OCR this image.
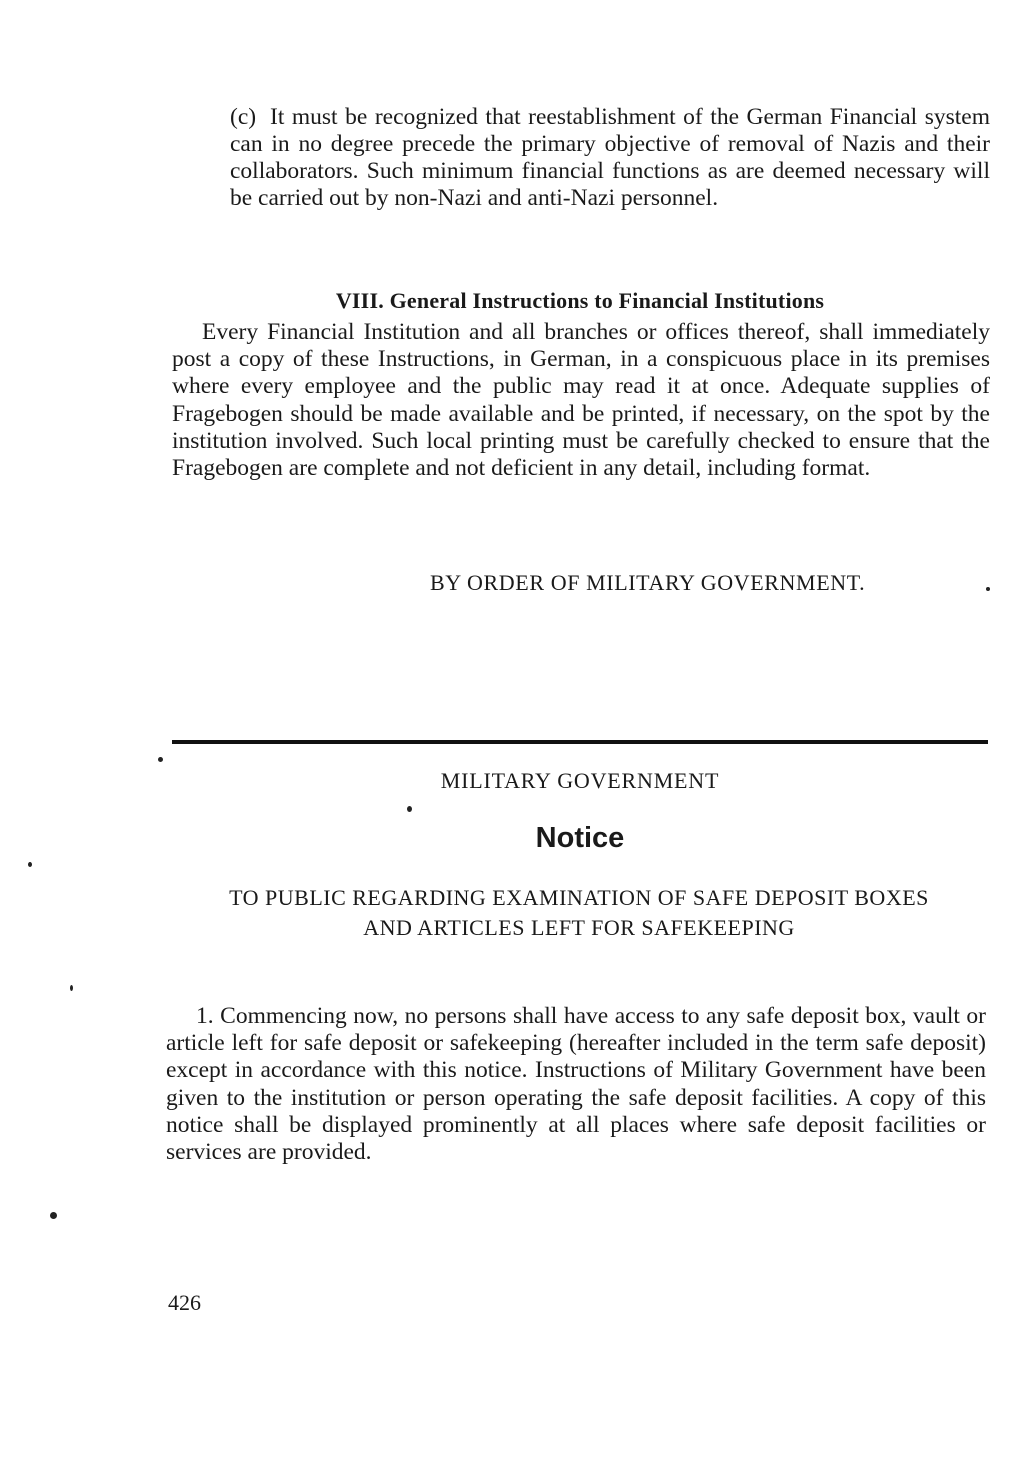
(c) It must be recognized that reestablishment of the German Financial system can in no degree precede the primary objective of removal of Nazis and their collaborators. Such minimum financial functions as are deemed necessary will be carried out by non-Nazi and anti-Nazi personnel.
VIII. General Instructions to Financial Institutions
Every Financial Institution and all branches or offices thereof, shall immediately post a copy of these Instructions, in German, in a conspicuous place in its premises where every employee and the public may read it at once. Adequate supplies of Fragebogen should be made available and be printed, if necessary, on the spot by the institution involved. Such local printing must be carefully checked to ensure that the Fragebogen are complete and not deficient in any detail, including format.
BY ORDER OF MILITARY GOVERNMENT.
MILITARY GOVERNMENT
Notice
TO PUBLIC REGARDING EXAMINATION OF SAFE DEPOSIT BOXES
AND ARTICLES LEFT FOR SAFEKEEPING
1. Commencing now, no persons shall have access to any safe deposit box, vault or article left for safe deposit or safekeeping (hereafter included in the term safe deposit) except in accordance with this notice. Instructions of Military Government have been given to the institution or person operating the safe deposit facilities. A copy of this notice shall be displayed prominently at all places where safe deposit facilities or services are provided.
426
